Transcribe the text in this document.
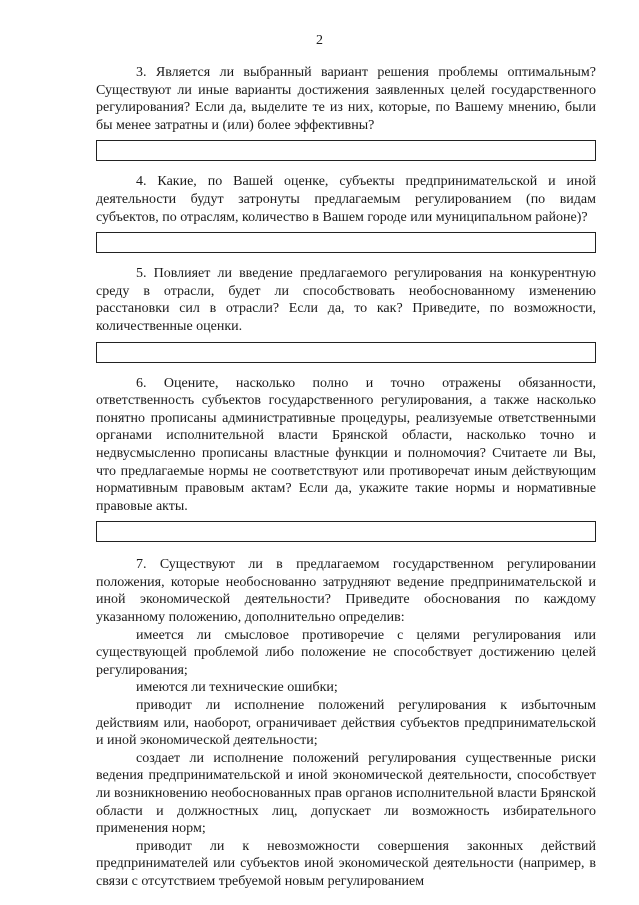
2

3. Является ли выбранный вариант решения проблемы оптимальным? Существуют ли иные варианты достижения заявленных целей государственного регулирования? Если да, выделите те из них, которые, по Вашему мнению, были бы менее затратны и (или) более эффективны?

4. Какие, по Вашей оценке, субъекты предпринимательской и иной деятельности будут затронуты предлагаемым регулированием (по видам субъектов, по отраслям, количество в Вашем городе или муниципальном районе)?

5. Повлияет ли введение предлагаемого регулирования на конкурентную среду в отрасли, будет ли способствовать необоснованному изменению расстановки сил в отрасли? Если да, то как? Приведите, по возможности, количественные оценки.

6. Оцените, насколько полно и точно отражены обязанности, ответственность субъектов государственного регулирования, а также насколько понятно прописаны административные процедуры, реализуемые ответственными органами исполнительной власти Брянской области, насколько точно и недвусмысленно прописаны властные функции и полномочия? Считаете ли Вы, что предлагаемые нормы не соответствуют или противоречат иным действующим нормативным правовым актам? Если да, укажите такие нормы и нормативные правовые акты.

7. Существуют ли в предлагаемом государственном регулировании положения, которые необоснованно затрудняют ведение предпринимательской и иной экономической деятельности? Приведите обоснования по каждому указанному положению, дополнительно определив:

имеется ли смысловое противоречие с целями регулирования или существующей проблемой либо положение не способствует достижению целей регулирования;

имеются ли технические ошибки;

приводит ли исполнение положений регулирования к избыточным действиям или, наоборот, ограничивает действия субъектов предпринимательской и иной экономической деятельности;

создает ли исполнение положений регулирования существенные риски ведения предпринимательской и иной экономической деятельности, способствует ли возникновению необоснованных прав органов исполнительной власти Брянской области и должностных лиц, допускает ли возможность избирательного применения норм;

приводит ли к невозможности совершения законных действий предпринимателей или субъектов иной экономической деятельности (например, в связи с отсутствием требуемой новым регулированием
